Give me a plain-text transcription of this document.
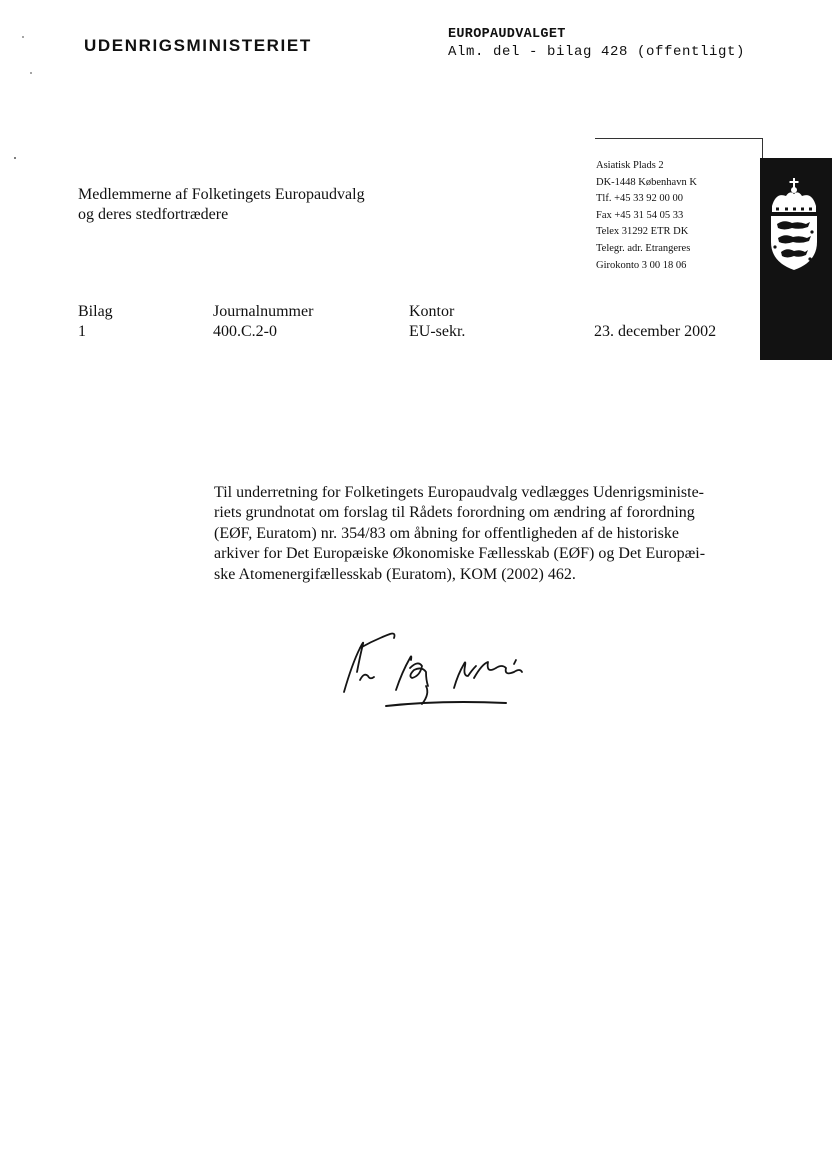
UDENRIGSMINISTERIET
EUROPAUDVALGET
Alm. del - bilag 428 (offentligt)
Medlemmerne af Folketingets Europaudvalg
og deres stedfortrædere
Asiatisk Plads 2
DK-1448 København K
Tlf. +45 33 92 00 00
Fax +45 31 54 05 33
Telex 31292 ETR DK
Telegr. adr. Etrangeres
Girokonto 3 00 18 06
Bilag
1
Journalnummer
400.C.2-0
Kontor
EU-sekr.	23. december 2002
Til underretning for Folketingets Europaudvalg vedlægges Udenrigsministe-
riets grundnotat om forslag til Rådets forordning om ændring af forordning
(EØF, Euratom) nr. 354/83 om åbning for offentligheden af de historiske
arkiver for Det Europæiske Økonomiske Fællesskab (EØF) og Det Europæi-
ske Atomenergifællesskab (Euratom), KOM (2002) 462.
